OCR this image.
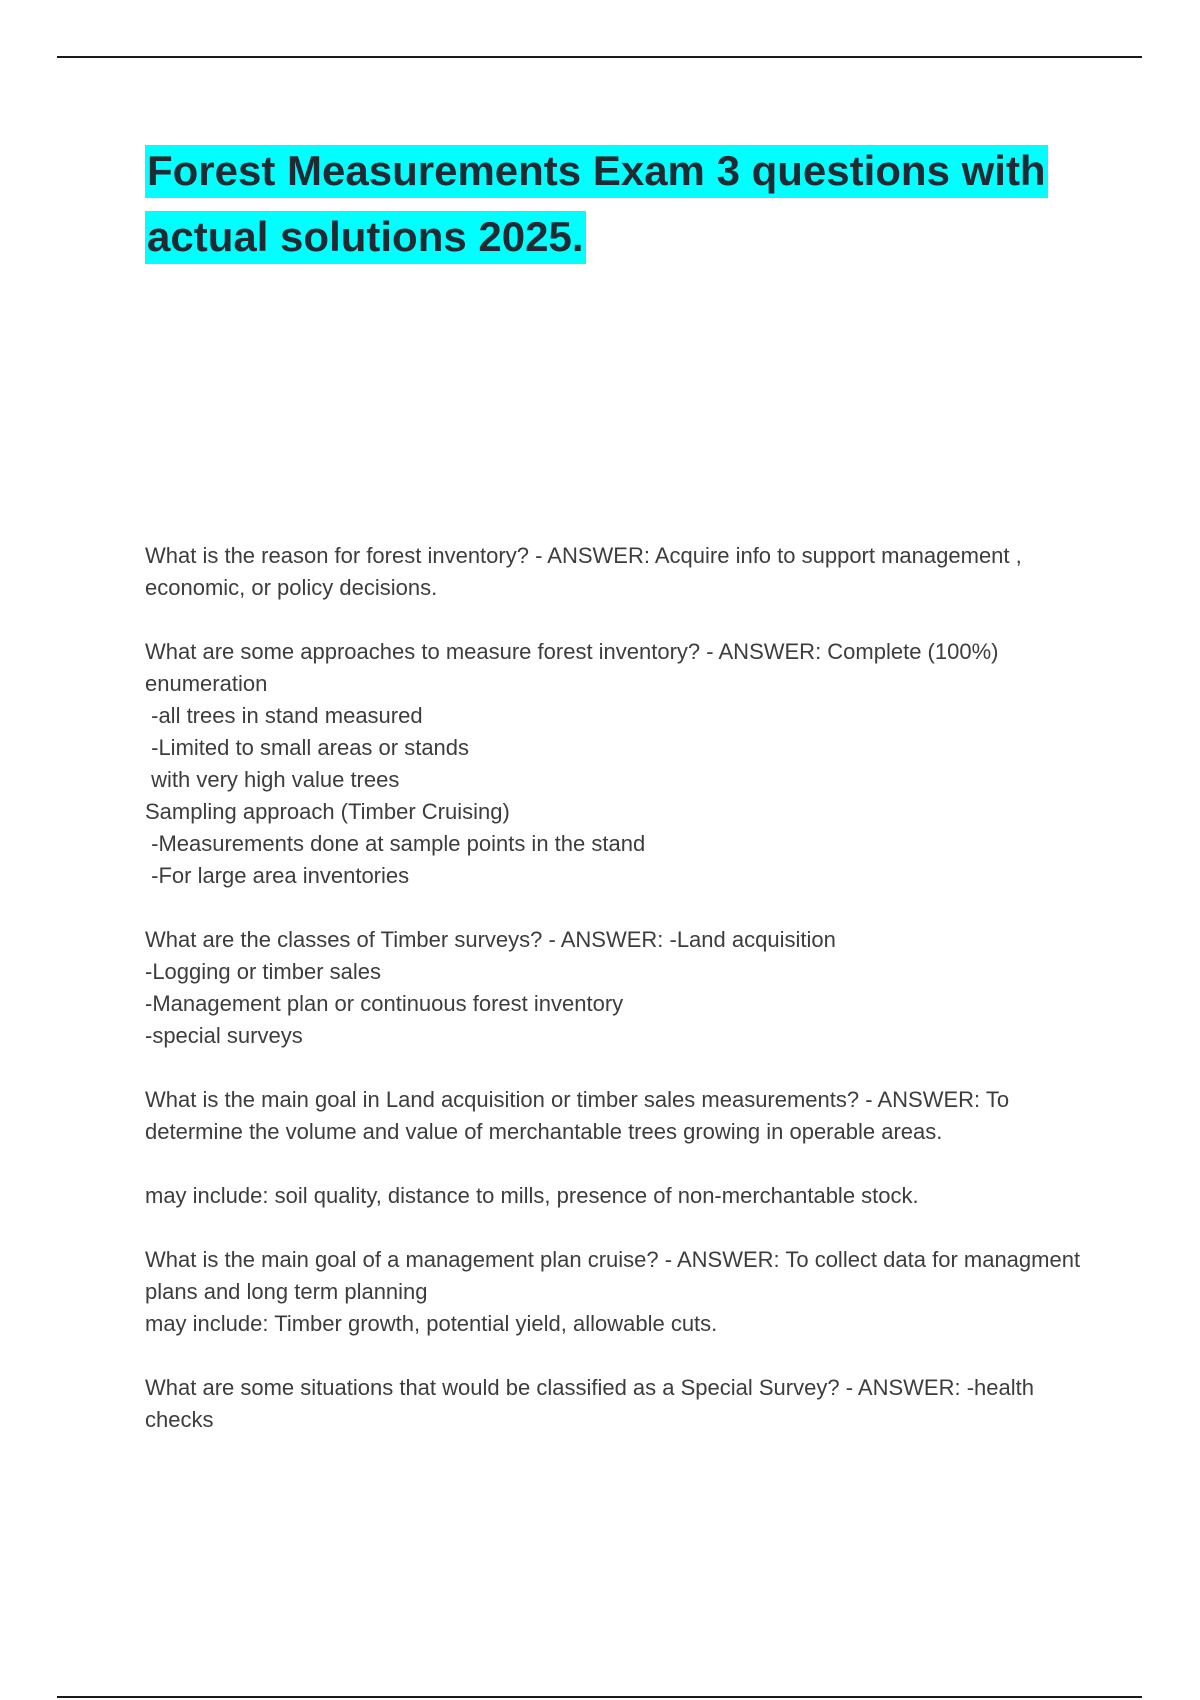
Forest Measurements Exam 3 questions with actual solutions 2025.
What is the reason for forest inventory? - ANSWER: Acquire info to support management , economic, or policy decisions.
What are some approaches to measure forest inventory? - ANSWER: Complete (100%) enumeration
-all trees in stand measured
-Limited to small areas or stands
with very high value trees
Sampling approach (Timber Cruising)
-Measurements done at sample points in the stand
-For large area inventories
What are the classes of Timber surveys? - ANSWER: -Land acquisition
-Logging or timber sales
-Management plan or continuous forest inventory
-special surveys
What is the main goal in Land acquisition or timber sales measurements? - ANSWER: To determine the volume and value of merchantable trees growing in operable areas.
may include: soil quality, distance to mills, presence of non-merchantable stock.
What is the main goal of a management plan cruise? - ANSWER: To collect data for managment plans and long term planning
may include: Timber growth, potential yield, allowable cuts.
What are some situations that would be classified as a Special Survey? - ANSWER: -health checks
